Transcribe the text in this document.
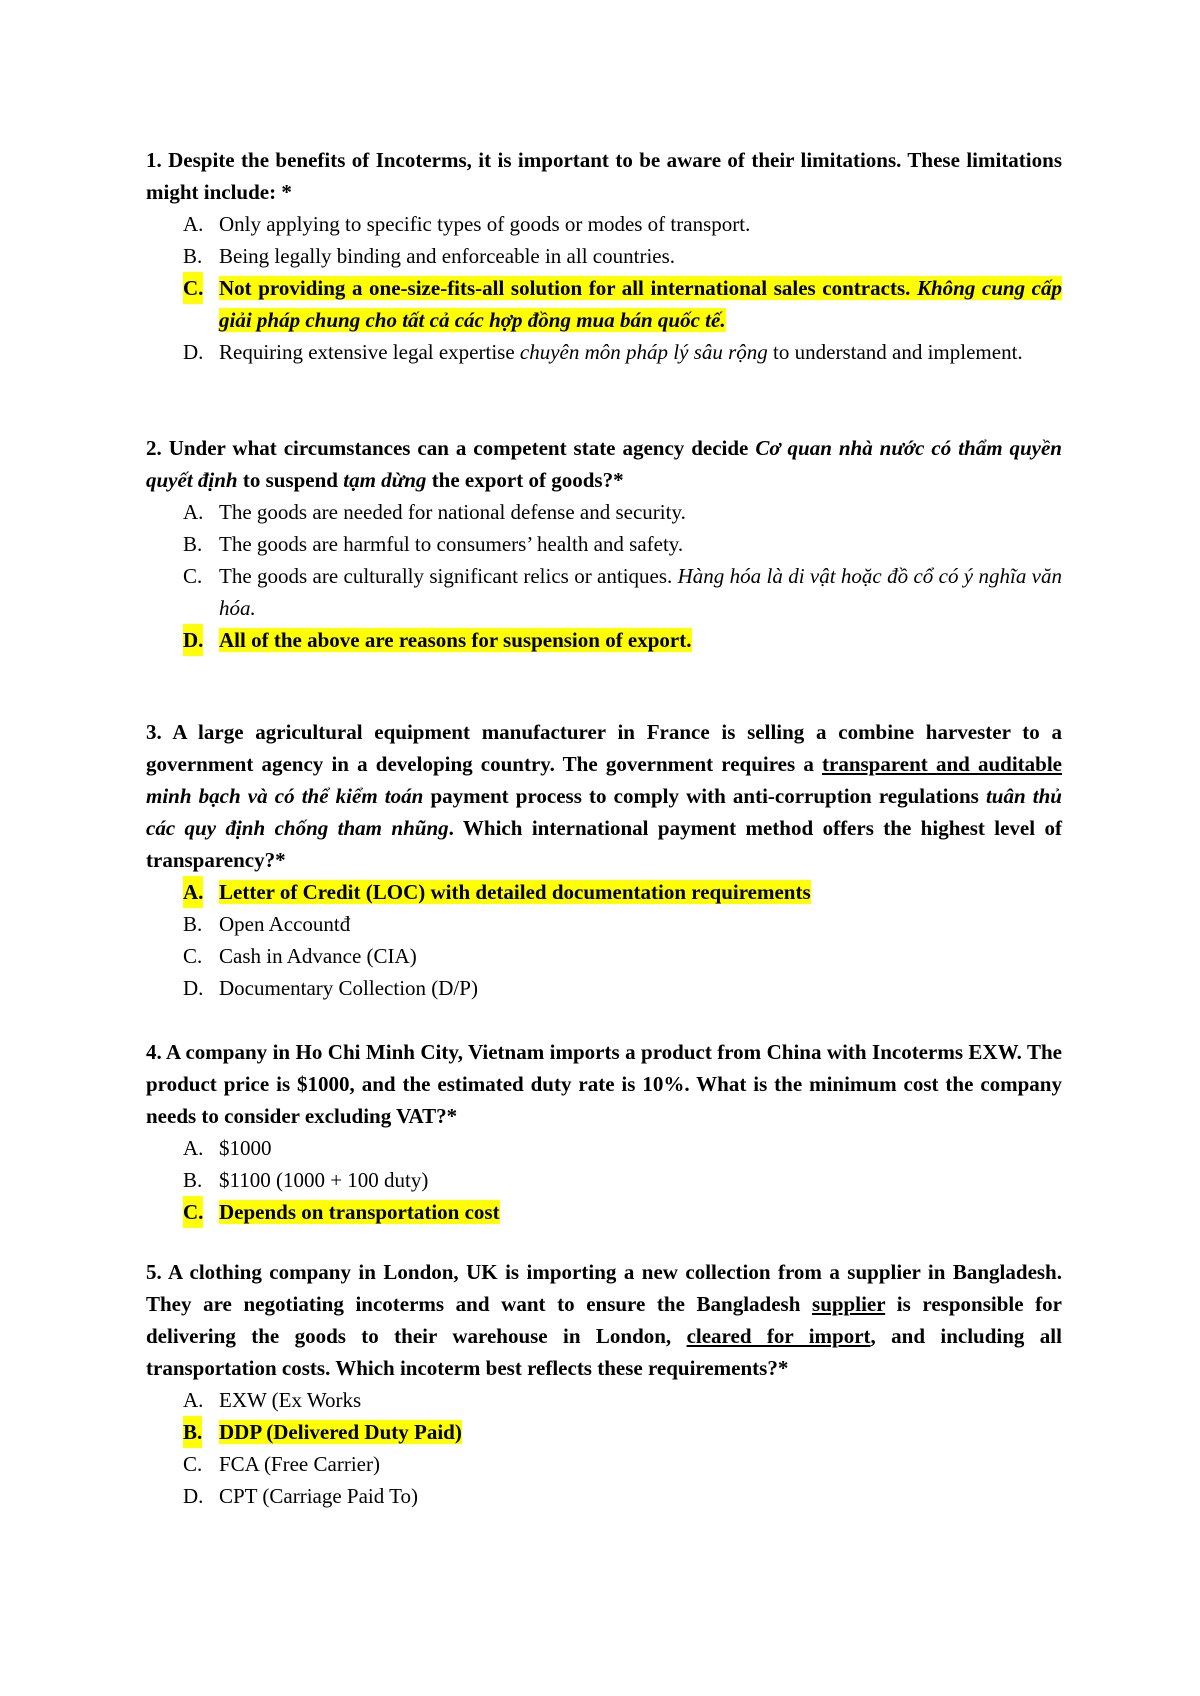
1. Despite the benefits of Incoterms, it is important to be aware of their limitations. These limitations might include: *
A. Only applying to specific types of goods or modes of transport.
B. Being legally binding and enforceable in all countries.
C. Not providing a one-size-fits-all solution for all international sales contracts. Không cung cấp giải pháp chung cho tất cả các hợp đồng mua bán quốc tế.
D. Requiring extensive legal expertise chuyên môn pháp lý sâu rộng to understand and implement.
2. Under what circumstances can a competent state agency decide Cơ quan nhà nước có thẩm quyền quyết định to suspend tạm dừng the export of goods?*
A. The goods are needed for national defense and security.
B. The goods are harmful to consumers’ health and safety.
C. The goods are culturally significant relics or antiques. Hàng hóa là di vật hoặc đồ cổ có ý nghĩa văn hóa.
D. All of the above are reasons for suspension of export.
3. A large agricultural equipment manufacturer in France is selling a combine harvester to a government agency in a developing country. The government requires a transparent and auditable minh bạch và có thể kiểm toán payment process to comply with anti-corruption regulations tuân thủ các quy định chống tham nhũng. Which international payment method offers the highest level of transparency?*
A. Letter of Credit (LOC) with detailed documentation requirements
B. Open Accountđ
C. Cash in Advance (CIA)
D. Documentary Collection (D/P)
4. A company in Ho Chi Minh City, Vietnam imports a product from China with Incoterms EXW. The product price is $1000, and the estimated duty rate is 10%. What is the minimum cost the company needs to consider excluding VAT?*
A. $1000
B. $1100 (1000 + 100 duty)
C. Depends on transportation cost
5. A clothing company in London, UK is importing a new collection from a supplier in Bangladesh. They are negotiating incoterms and want to ensure the Bangladesh supplier is responsible for delivering the goods to their warehouse in London, cleared for import, and including all transportation costs. Which incoterm best reflects these requirements?*
A. EXW (Ex Works
B. DDP (Delivered Duty Paid)
C. FCA (Free Carrier)
D. CPT (Carriage Paid To)
